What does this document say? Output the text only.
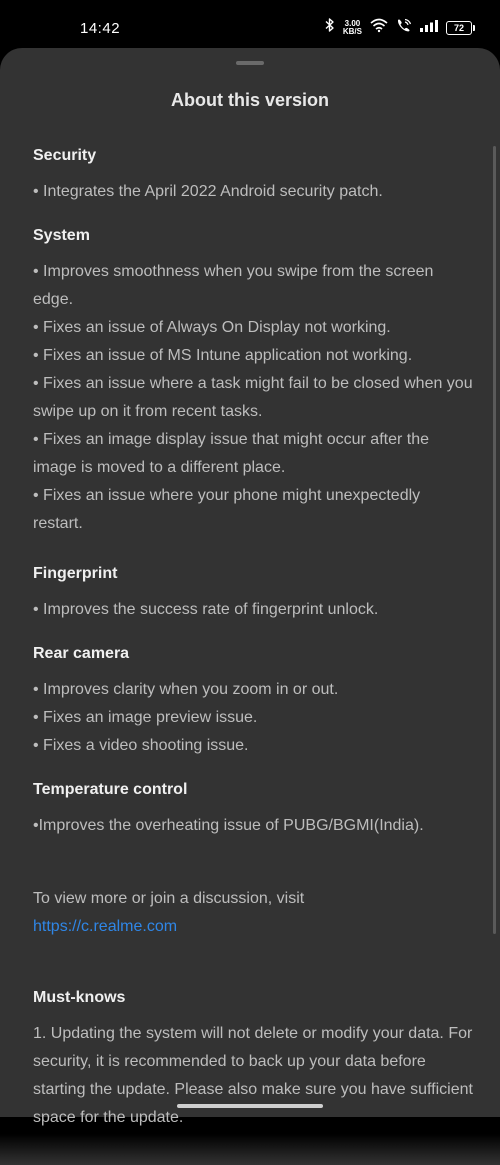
14:42	3.00
KB/S	72
About this version
Security
• Integrates the April 2022 Android security patch.
System
• Improves smoothness when you swipe from the screen edge.
• Fixes an issue of Always On Display not working.
• Fixes an issue of MS Intune application not working.
• Fixes an issue where a task might fail to be closed when you swipe up on it from recent tasks.
• Fixes an image display issue that might occur after the image is moved to a different place.
• Fixes an issue where your phone might unexpectedly restart.
Fingerprint
• Improves the success rate of fingerprint unlock.
Rear camera
• Improves clarity when you zoom in or out.
• Fixes an image preview issue.
• Fixes a video shooting issue.
Temperature control
•Improves the overheating issue of PUBG/BGMI(India).
To view more or join a discussion, visit
https://c.realme.com
Must-knows
1. Updating the system will not delete or modify your data. For security, it is recommended to back up your data before starting the update. Please also make sure you have sufficient space for the update.
